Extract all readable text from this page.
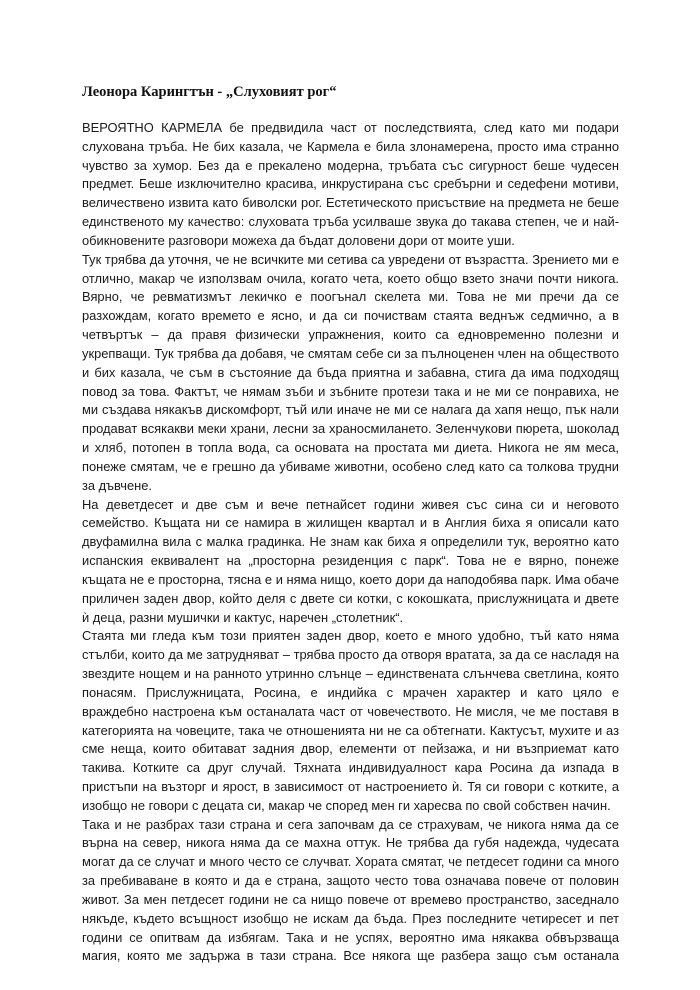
Леонора Карингтън - „Слуховият рог“

ВЕРОЯТНО КАРМЕЛА бе предвидила част от последствията, след като ми подари слухована тръба. Не бих казала, че Кармела е била злонамерена, просто има странно чувство за хумор. Без да е прекалено модерна, тръбата със сигурност беше чудесен предмет. Беше изключително красива, инкрустирана със сребърни и седефени мотиви, величествено извита като биволски рог. Естетическото присъствие на предмета не беше единственото му качество: слуховата тръба усилваше звука до такава степен, че и най-обикновените разговори можеха да бъдат доловени дори от моите уши.

Тук трябва да уточня, че не всичките ми сетива са увредени от възрастта. Зрението ми е отлично, макар че използвам очила, когато чета, което общо взето значи почти никога. Вярно, че ревматизмът лекичко е поогънал скелета ми. Това не ми пречи да се разхождам, когато времето е ясно, и да си почиствам стаята веднъж седмично, а в четвъртък – да правя физически упражнения, които са едновременно полезни и укрепващи. Тук трябва да добавя, че смятам себе си за пълноценен член на обществото и бих казала, че съм в състояние да бъда приятна и забавна, стига да има подходящ повод за това. Фактът, че нямам зъби и зъбните протези така и не ми се понравиха, не ми създава някакъв дискомфорт, тъй или иначе не ми се налага да хапя нещо, пък нали продават всякакви меки храни, лесни за храносмилането. Зеленчукови пюрета, шоколад и хляб, потопен в топла вода, са основата на простата ми диета. Никога не ям меса, понеже смятам, че е грешно да убиваме животни, особено след като са толкова трудни за дъвчене.

На деветдесет и две съм и вече петнайсет години живея със сина си и неговото семейство. Къщата ни се намира в жилищен квартал и в Англия биха я описали като двуфамилна вила с малка градинка. Не знам как биха я определили тук, вероятно като испанския еквивалент на „просторна резиденция с парк“. Това не е вярно, понеже къщата не е просторна, тясна е и няма нищо, което дори да наподобява парк. Има обаче приличен заден двор, който деля с двете си котки, с кокошката, прислужницата и двете ѝ деца, разни мушички и кактус, наречен „столетник“.

Стаята ми гледа към този приятен заден двор, което е много удобно, тъй като няма стълби, които да ме затрудняват – трябва просто да отворя вратата, за да се насладя на звездите нощем и на ранното утринно слънце – единствената слънчева светлина, която понасям. Прислужницата, Росина, е индийка с мрачен характер и като цяло е враждебно настроена към останалата част от човечеството. Не мисля, че ме поставя в категорията на човеците, така че отношенията ни не са обтегнати. Кактусът, мухите и аз сме неща, които обитават задния двор, елементи от пейзажа, и ни възприемат като такива. Котките са друг случай. Тяхната индивидуалност кара Росина да изпада в пристъпи на възторг и ярост, в зависимост от настроението ѝ. Тя си говори с котките, а изобщо не говори с децата си, макар че според мен ги харесва по свой собствен начин.

Така и не разбрах тази страна и сега започвам да се страхувам, че никога няма да се върна на север, никога няма да се махна оттук. Не трябва да губя надежда, чудесата могат да се случат и много често се случват. Хората смятат, че петдесет години са много за пребиваване в която и да е страна, защото често това означава повече от половин живот. За мен петдесет години не са нищо повече от времево пространство, заседнало някъде, където всъщност изобщо не искам да бъда. През последните четиресет и пет години се опитвам да избягам. Така и не успях, вероятно има някаква обвързваща магия, която ме задържа в тази страна. Все някога ще разбера защо съм останала
